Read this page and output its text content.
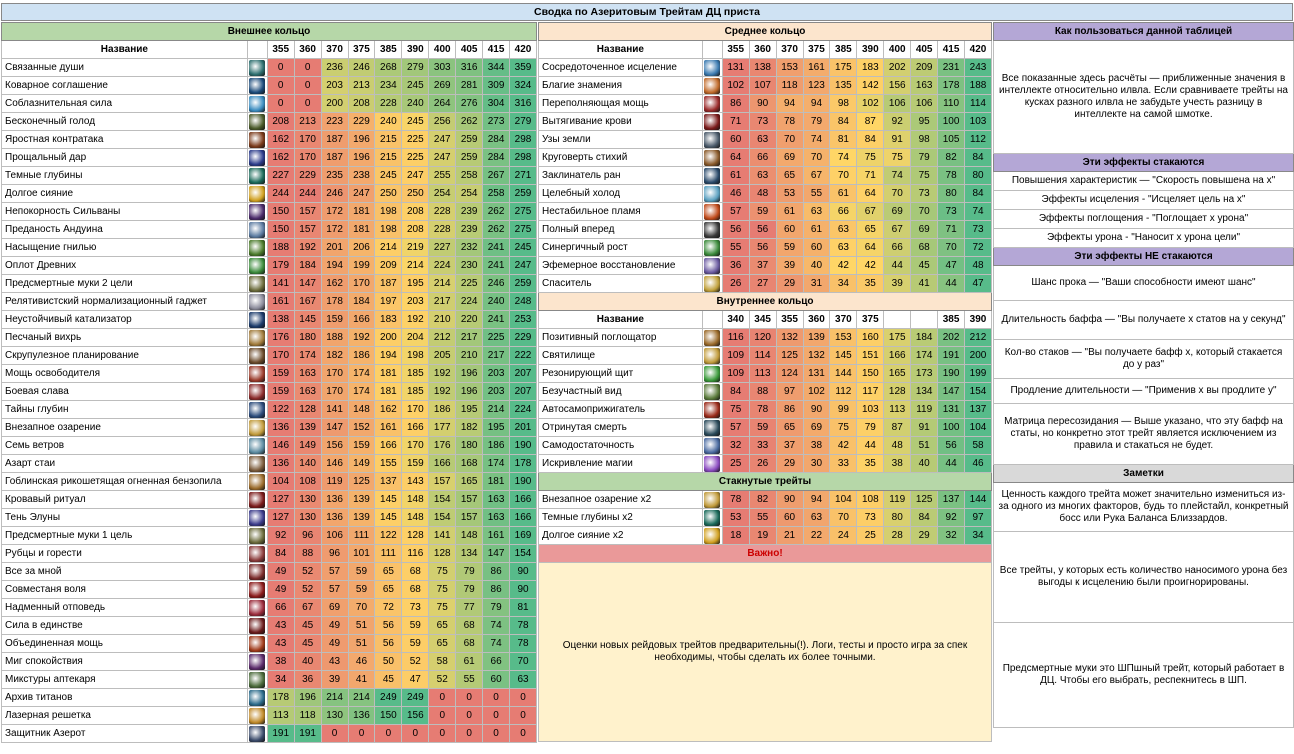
Сводка по Азеритовым Трейтам ДЦ приста
Внешнее кольцо											
Название		355	360	370	375	385	390	400	405	415	420
Связанные души		0	0	236	246	268	279	303	316	344	359
Коварное соглашение		0	0	203	213	234	245	269	281	309	324
Соблазнительная сила		0	0	200	208	228	240	264	276	304	316
Бесконечный голод		208	213	223	229	240	245	256	262	273	279
Яростная контратака		162	170	187	196	215	225	247	259	284	298
Прощальный дар		162	170	187	196	215	225	247	259	284	298
Темные глубины		227	229	235	238	245	247	255	258	267	271
Долгое сияние		244	244	246	247	250	250	254	254	258	259
Непокорность Сильваны		150	157	172	181	198	208	228	239	262	275
Преданость Андуина		150	157	172	181	198	208	228	239	262	275
Насыщение гнилью		188	192	201	206	214	219	227	232	241	245
Оплот Древних		179	184	194	199	209	214	224	230	241	247
Предсмертные муки 2 цели		141	147	162	170	187	195	214	225	246	259
Релятивистский нормализационный гаджет		161	167	178	184	197	203	217	224	240	248
Неустойчивый катализатор		138	145	159	166	183	192	210	220	241	253
Песчаный вихрь		176	180	188	192	200	204	212	217	225	229
Скрупулезное планирование		170	174	182	186	194	198	205	210	217	222
Мощь освободителя		159	163	170	174	181	185	192	196	203	207
Боевая слава		159	163	170	174	181	185	192	196	203	207
Тайны глубин		122	128	141	148	162	170	186	195	214	224
Внезапное озарение		136	139	147	152	161	166	177	182	195	201
Семь ветров		146	149	156	159	166	170	176	180	186	190
Азарт стаи		136	140	146	149	155	159	166	168	174	178
Гоблинская рикошетящая огненная бензопила		104	108	119	125	137	143	157	165	181	190
Кровавый ритуал		127	130	136	139	145	148	154	157	163	166
Тень Элуны		127	130	136	139	145	148	154	157	163	166
Предсмертные муки 1 цель		92	96	106	111	122	128	141	148	161	169
Рубцы и горести		84	88	96	101	111	116	128	134	147	154
Все за мной		49	52	57	59	65	68	75	79	86	90
Совместаня воля		49	52	57	59	65	68	75	79	86	90
Надменный отповедь		66	67	69	70	72	73	75	77	79	81
Сила в единстве		43	45	49	51	56	59	65	68	74	78
Объединенная мощь		43	45	49	51	56	59	65	68	74	78
Миг спокойствия		38	40	43	46	50	52	58	61	66	70
Микстуры аптекаря		34	36	39	41	45	47	52	55	60	63
Архив титанов		178	196	214	214	249	249	0	0	0	0
Лазерная решетка		113	118	130	136	150	156	0	0	0	0
Защитник Азерот		191	191	0	0	0	0	0	0	0	0
Среднее кольцо											
Название		355	360	370	375	385	390	400	405	415	420
Сосредоточенное исцеление		131	138	153	161	175	183	202	209	231	243
Благие знамения		102	107	118	123	135	142	156	163	178	188
Переполняющая мощь		86	90	94	94	98	102	106	106	110	114
Вытягивание крови		71	73	78	79	84	87	92	95	100	103
Узы земли		60	63	70	74	81	84	91	98	105	112
Круговерть стихий		64	66	69	70	74	75	75	79	82	84
Заклинатель ран		61	63	65	67	70	71	74	75	78	80
Целебный холод		46	48	53	55	61	64	70	73	80	84
Нестабильное пламя		57	59	61	63	66	67	69	70	73	74
Полный вперед		56	56	60	61	63	65	67	69	71	73
Синергичный рост		55	56	59	60	63	64	66	68	70	72
Эфемерное восстановление		36	37	39	40	42	42	44	45	47	48
Спаситель		26	27	29	31	34	35	39	41	44	47
Внутреннее кольцо											
Название		340	345	355	360	370	375			385	390
Позитивный поглощатор		116	120	132	139	153	160	175	184	202	212
Святилище		109	114	125	132	145	151	166	174	191	200
Резонирующий щит		109	113	124	131	144	150	165	173	190	199
Безучастный вид		84	88	97	102	112	117	128	134	147	154
Автосамоприжигатель		75	78	86	90	99	103	113	119	131	137
Отринутая смерть		57	59	65	69	75	79	87	91	100	104
Самодостаточность		32	33	37	38	42	44	48	51	56	58
Искривление магии		25	26	29	30	33	35	38	40	44	46
Стакнутые трейты											
Внезапное озарение х2		78	82	90	94	104	108	119	125	137	144
Темные глубины х2		53	55	60	63	70	73	80	84	92	97
Долгое сияние х2		18	19	21	22	24	25	28	29	32	34
Важно!											
Оценки новых рейдовых трейтов предварительны(!). Логи, тесты и просто игра за спек необходимы, чтобы сделать их более точными.											
Как пользоваться данной таблицей
Все показанные здесь расчёты — приближенные значения в интеллекте относительно илвла. Если сравниваете трейты на кусках разного илвла не забудьте учесть разницу в интеллекте на самой шмотке.
Эти эффекты стакаются
Повышения характеристик — "Скорость повышена на х"
Эффекты исцеления - "Исцеляет цель на х"
Эффекты поглощения - "Поглощает х урона"
Эффекты урона - "Наносит х урона цели"
Эти эффекты НЕ стакаются
Шанс прока — "Ваши способности имеют шанс"
Длительность баффа — "Вы получаете х статов на у секунд"
Кол-во стаков — "Вы получаете бафф х, который стакается до у раз"
Продление длительности — "Применив х вы продлите у"
Матрица пересозидания — Выше указано, что эту бафф на статы, но конкретно этот трейт является исключением из правила и стакаться не будет.
Заметки
Ценность каждого трейта может значительно измениться из-за одного из многих факторов, будь то плейстайл, конкретный босс или Рука Баланса Близзардов.
Все трейты, у которых есть количество наносимого урона без выгоды к исцелению были проигнорированы.
Предсмертные муки это ШПшный трейт, который работает в ДЦ. Чтобы его выбрать, респекнитесь в ШП.
